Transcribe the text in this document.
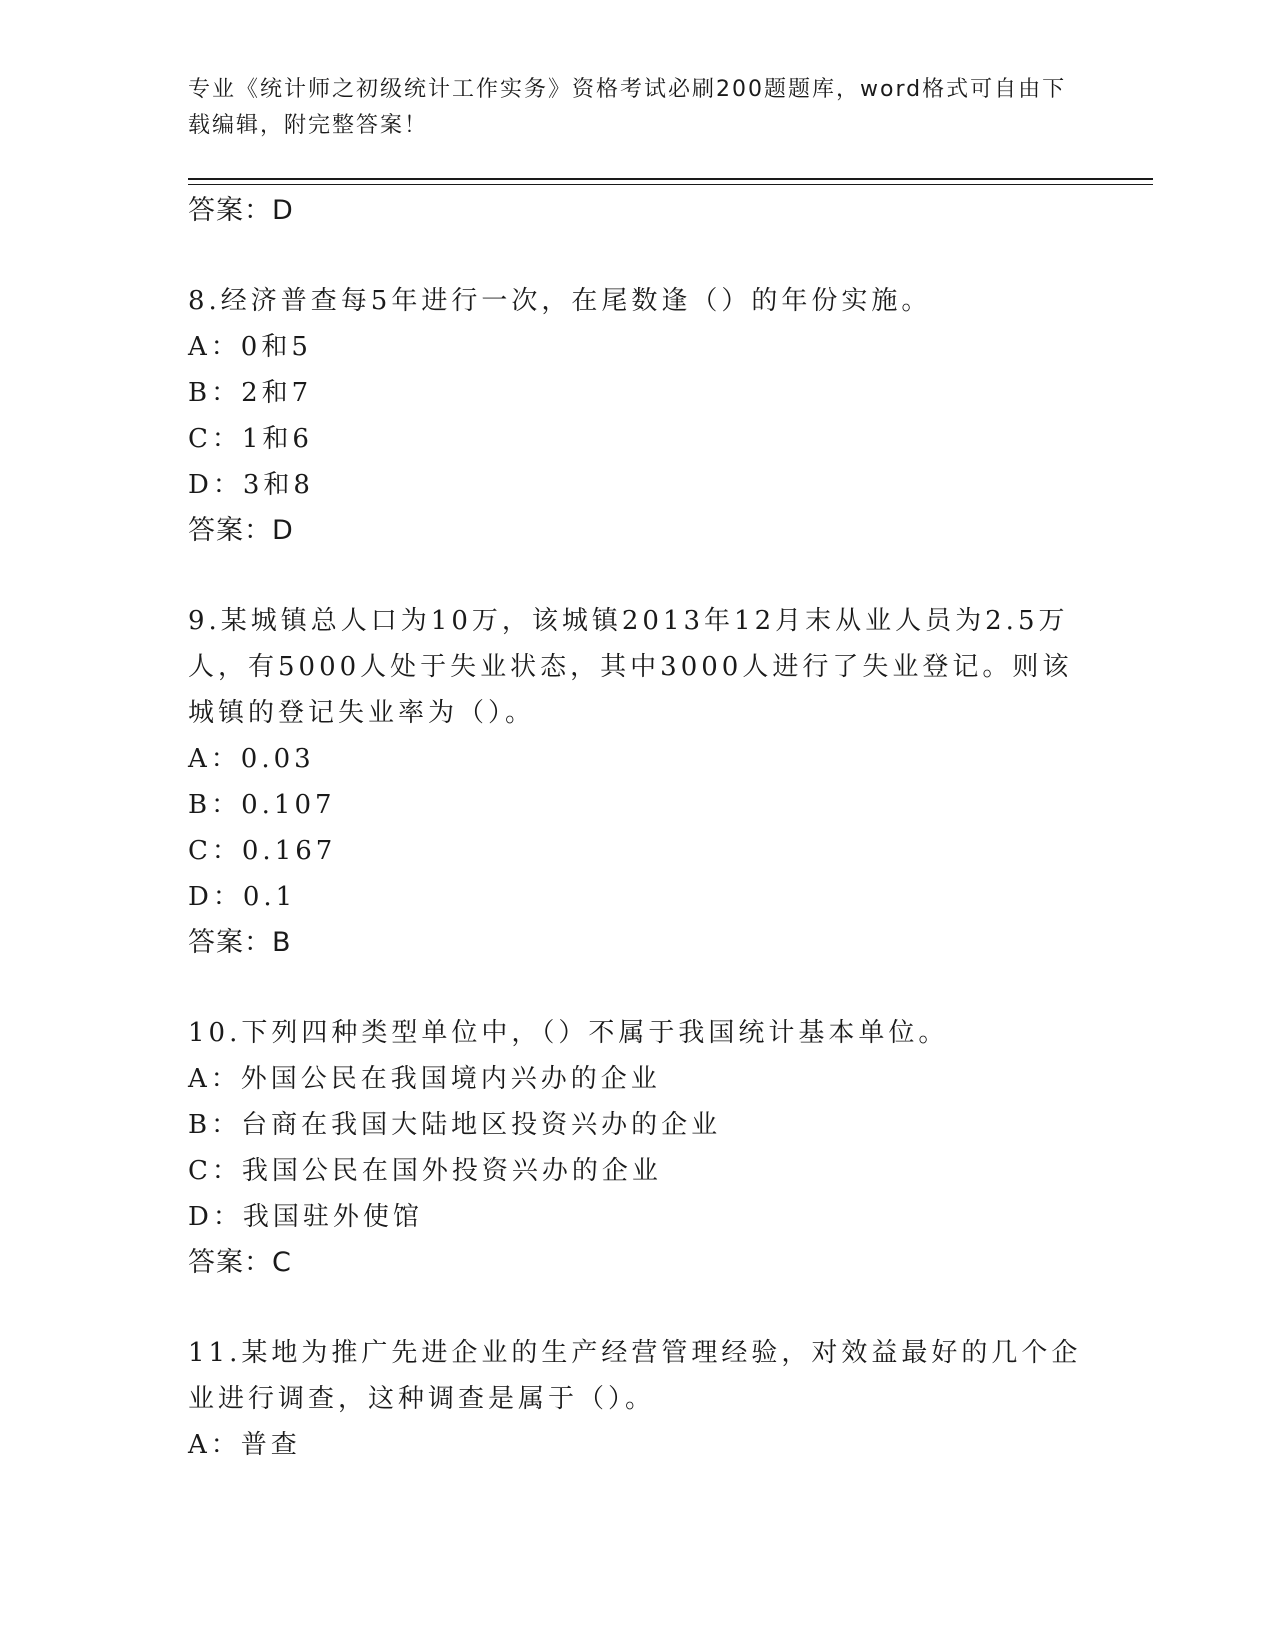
专业《统计师之初级统计工作实务》资格考试必刷200题题库，word格式可自由下载编辑，附完整答案！
答案：D
8.经济普查每5年进行一次，在尾数逢（）的年份实施。
A：0和5
B：2和7
C：1和6
D：3和8
答案：D
9.某城镇总人口为10万，该城镇2013年12月末从业人员为2.5万人，有5000人处于失业状态，其中3000人进行了失业登记。则该城镇的登记失业率为（）。
A：0.03
B：0.107
C：0.167
D：0.1
答案：B
10.下列四种类型单位中，（）不属于我国统计基本单位。
A：外国公民在我国境内兴办的企业
B：台商在我国大陆地区投资兴办的企业
C：我国公民在国外投资兴办的企业
D：我国驻外使馆
答案：C
11.某地为推广先进企业的生产经营管理经验，对效益最好的几个企业进行调查，这种调查是属于（）。
A：普查
